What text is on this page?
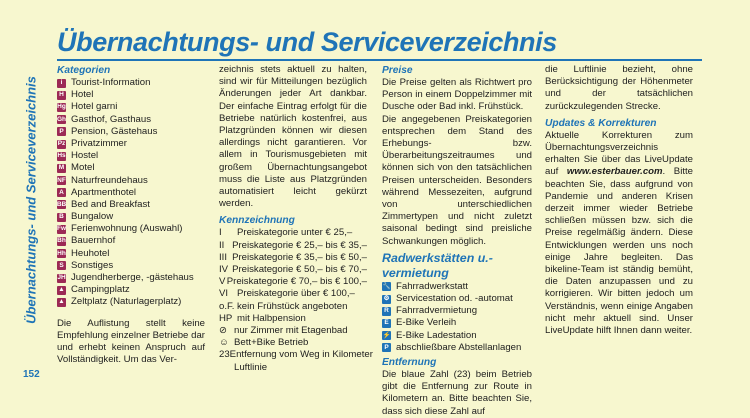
Übernachtungs- und Serviceverzeichnis
Übernachtungs- und Serviceverzeichnis
Kategorien
i Tourist-Information
H Hotel
Hg Hotel garni
Gh Gasthof, Gasthaus
P Pension, Gästehaus
Pz Privatzimmer
Hs Hostel
M Motel
NF Naturfreundehaus
A Apartmenthotel
BB Bed and Breakfast
B Bungalow
Fw Ferienwohnung (Auswahl)
Bh Bauernhof
Hh Heuhotel
S Sonstiges
JH Jugendherberge, -gästehaus
▲ Campingplatz
▲ Zeltplatz (Naturlagerplatz)
Die Auflistung stellt keine Empfehlung einzelner Betriebe dar und erhebt keinen Anspruch auf Vollständigkeit. Um das Ver-
zeichnis stets aktuell zu halten, sind wir für Mitteilungen bezüglich Änderungen jeder Art dankbar. Der einfache Eintrag erfolgt für die Betriebe natürlich kostenfrei, aus Platzgründen können wir diesen allerdings nicht garantieren. Vor allem in Tourismusgebieten mit großem Übernachtungsangebot muss die Liste aus Platzgründen automatisiert leicht gekürzt werden.
Kennzeichnung
I	Preiskategorie unter € 25,–
II Preiskategorie € 25,– bis € 35,–
III Preiskategorie € 35,– bis € 50,–
IV Preiskategorie € 50,– bis € 70,–
V Preiskategorie € 70,– bis € 100,–
VI Preiskategorie über € 100,–
o.F. kein Frühstück angeboten
HP mit Halbpension
⊘ nur Zimmer mit Etagenbad
☺ Bett+Bike Betrieb
23 Entfernung vom Weg in Kilometer
Luftlinie
Preise
Die Preise gelten als Richtwert pro Person in einem Doppelzimmer mit Dusche oder Bad inkl. Frühstück.
Die angegebenen Preiskategorien entsprechen dem Stand des Erhebungs- bzw. Überarbeitungszeitraumes und können sich von den tatsächlichen Preisen unterscheiden. Besonders während Messezeiten, aufgrund von unterschiedlichen Zimmertypen und nicht zuletzt saisonal bedingt sind preisliche Schwankungen möglich.
Radwerkstätten u.-vermietung
🔧 Fahrradwerkstatt
⚙ Servicestation od. -automat
R Fahrradvermietung
E E-Bike Verleih
⚡ E-Bike Ladestation
P abschließbare Abstellanlagen
Entfernung
Die blaue Zahl (23) beim Betrieb gibt die Entfernung zur Route in Kilometern an. Bitte beachten Sie, dass sich diese Zahl auf
die Luftlinie bezieht, ohne Berücksichtigung der Höhenmeter und der tatsächlichen zurückzulegenden Strecke.
Updates & Korrekturen
Aktuelle Korrekturen zum Übernachtungsverzeichnis erhalten Sie über das LiveUpdate auf www.esterbauer.com. Bitte beachten Sie, dass aufgrund von Pandemie und anderen Krisen derzeit immer wieder Betriebe schließen müssen bzw. sich die Preise regelmäßig ändern. Diese Entwicklungen werden uns noch einige Jahre begleiten. Das bikeline-Team ist ständig bemüht, die Daten anzupassen und zu korrigieren. Wir bitten jedoch um Verständnis, wenn einige Angaben nicht mehr aktuell sind. Unser LiveUpdate hilft Ihnen dann weiter.
152
